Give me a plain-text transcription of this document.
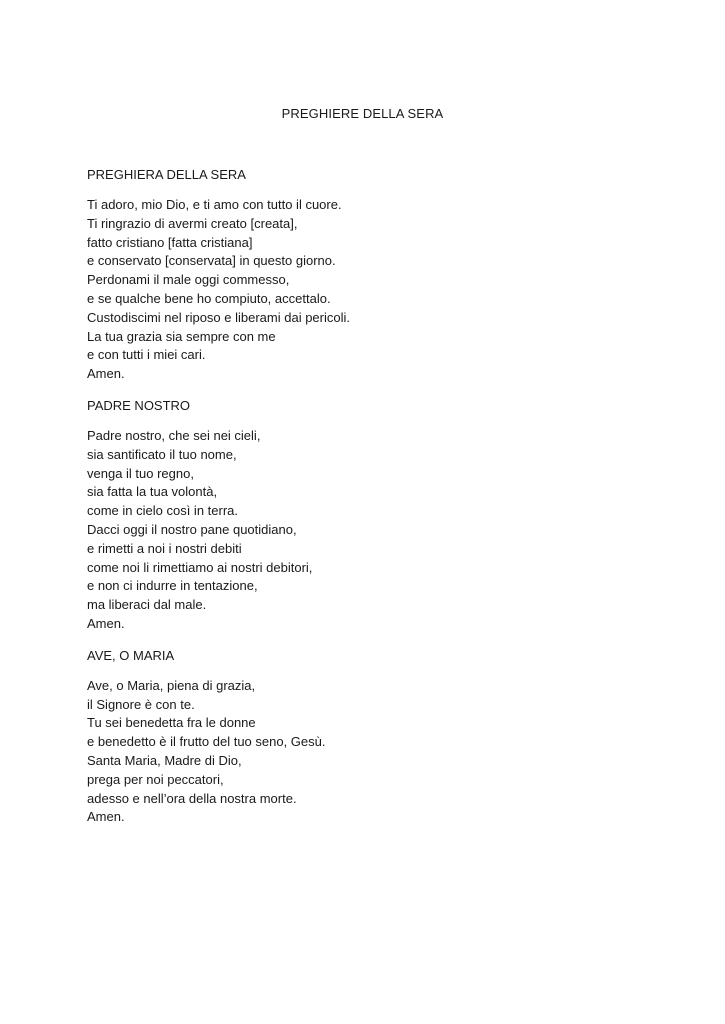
PREGHIERE DELLA SERA
PREGHIERA DELLA SERA
Ti adoro, mio Dio, e ti amo con tutto il cuore.
Ti ringrazio di avermi creato [creata],
fatto cristiano [fatta cristiana]
e conservato [conservata] in questo giorno.
Perdonami il male oggi commesso,
e se qualche bene ho compiuto, accettalo.
Custodiscimi nel riposo e liberami dai pericoli.
La tua grazia sia sempre con me
e con tutti i miei cari.
Amen.
PADRE NOSTRO
Padre nostro, che sei nei cieli,
sia santificato il tuo nome,
venga il tuo regno,
sia fatta la tua volontà,
come in cielo così in terra.
Dacci oggi il nostro pane quotidiano,
e rimetti a noi i nostri debiti
come noi li rimettiamo ai nostri debitori,
e non ci indurre in tentazione,
ma liberaci dal male.
Amen.
AVE, O MARIA
Ave, o Maria, piena di grazia,
il Signore è con te.
Tu sei benedetta fra le donne
e benedetto è il frutto del tuo seno, Gesù.
Santa Maria, Madre di Dio,
prega per noi peccatori,
adesso e nell’ora della nostra morte.
Amen.
